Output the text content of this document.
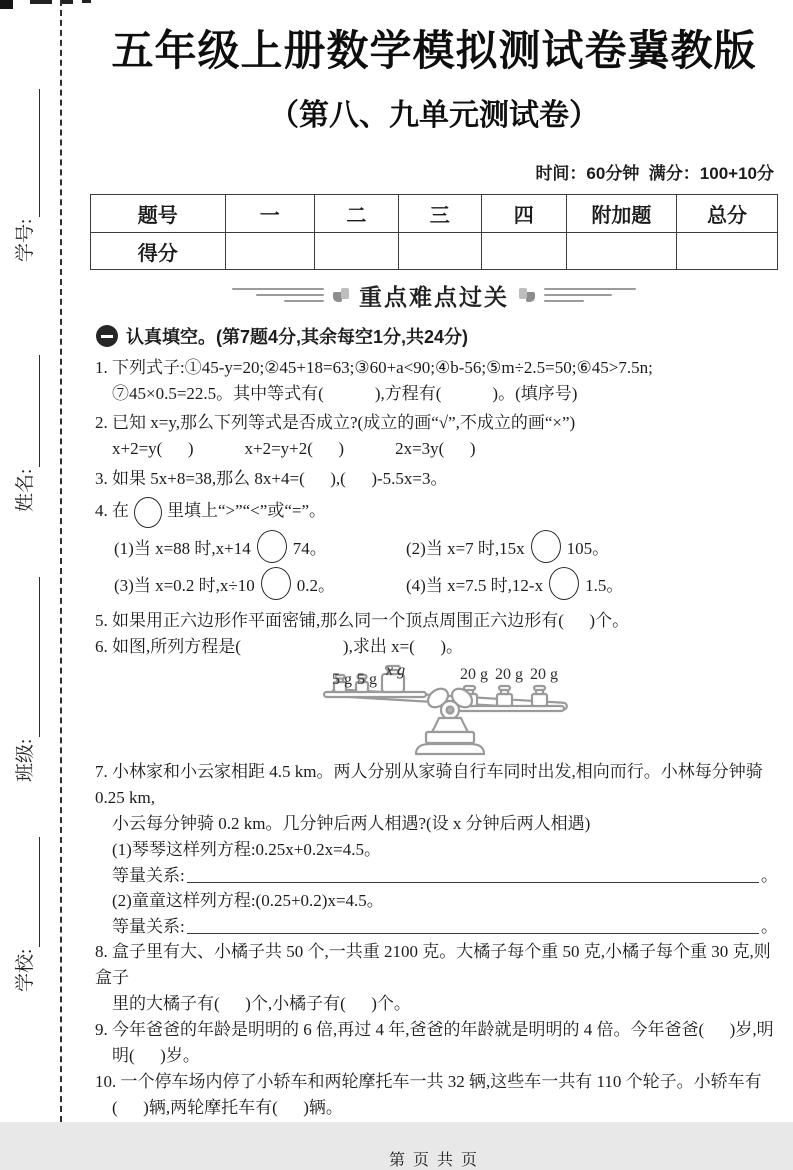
学号:
姓名:
班级:
学校:
五年级上册数学模拟测试卷冀教版
（第八、九单元测试卷）
时间：60分钟  满分：100+10分
题号	一	二	三	四	附加题	总分
得分						
重点难点过关
认真填空。(第7题4分,其余每空1分,共24分)
1. 下列式子:①45-y=20;②45+18=63;③60+a<90;④b-56;⑤m÷2.5=50;⑥45>7.5n;
⑦45×0.5=22.5。其中等式有(            ),方程有(            )。(填序号)
2. 已知 x=y,那么下列等式是否成立?(成立的画“√”,不成立的画“×”)
x+2=y(      )            x+2=y+2(      )            2x=3y(      )
3. 如果 5x+8=38,那么 8x+4=(      ),(      )-5.5x=3。
4. 在 里填上“>”“<”或“=”。
(1)当 x=88 时,x+14 74。	(2)当 x=7 时,15x 105。
(3)当 x=0.2 时,x÷10 0.2。	(4)当 x=7.5 时,12-x 1.5。
5. 如果用正六边形作平面密铺,那么同一个顶点周围正六边形有(      )个。
6. 如图,所列方程是(                        ),求出 x=(      )。
5 g 5 g
x g	20 g 20 g 20 g
7. 小林家和小云家相距 4.5 km。两人分别从家骑自行车同时出发,相向而行。小林每分钟骑 0.25 km,
小云每分钟骑 0.2 km。几分钟后两人相遇?(设 x 分钟后两人相遇)
(1)琴琴这样列方程:0.25x+0.2x=4.5。
等量关系:	。
(2)童童这样列方程:(0.25+0.2)x=4.5。
等量关系:	。
8. 盒子里有大、小橘子共 50 个,一共重 2100 克。大橘子每个重 50 克,小橘子每个重 30 克,则盒子
里的大橘子有(      )个,小橘子有(      )个。
9. 今年爸爸的年龄是明明的 6 倍,再过 4 年,爸爸的年龄就是明明的 4 倍。今年爸爸(      )岁,明
明(      )岁。
10. 一个停车场内停了小轿车和两轮摩托车一共 32 辆,这些车一共有 110 个轮子。小轿车有
(      )辆,两轮摩托车有(      )辆。
第 页 共 页
